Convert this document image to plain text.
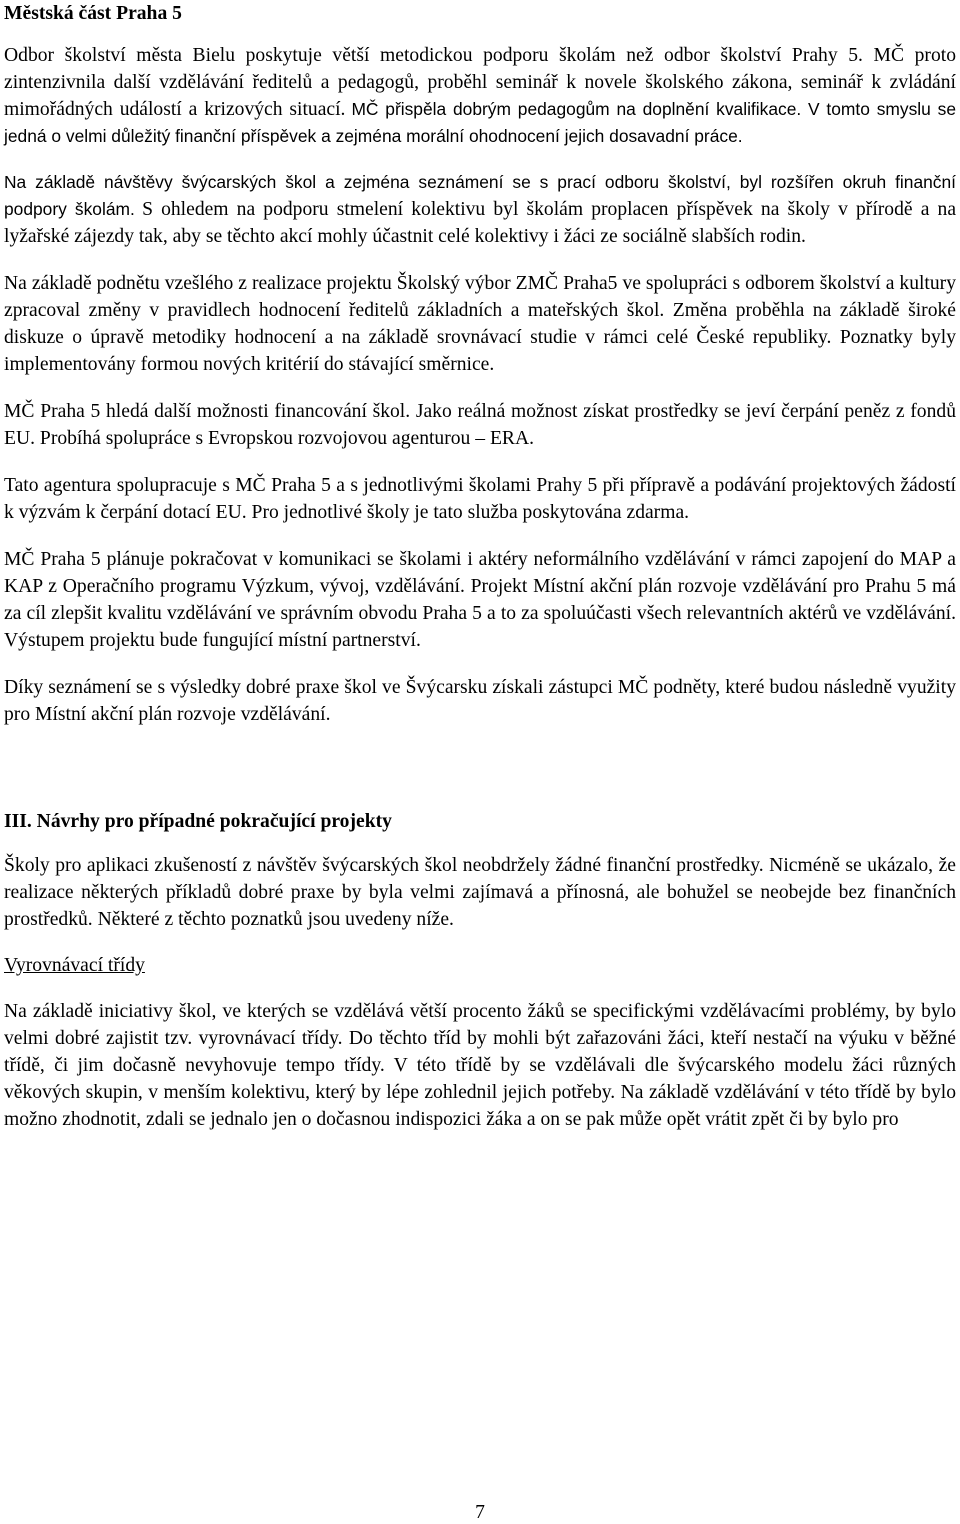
Městská část Praha 5

Odbor školství města Bielu poskytuje větší metodickou podporu školám než odbor školství Prahy 5. MČ proto zintenzivnila další vzdělávání ředitelů a pedagogů, proběhl seminář k novele školského zákona, seminář k zvládání mimořádných událostí a krizových situací. MČ přispěla dobrým pedagogům na doplnění kvalifikace. V tomto smyslu se jedná o velmi důležitý finanční příspěvek a zejména morální ohodnocení jejich dosavadní práce.

Na základě návštěvy švýcarských škol a zejména seznámení se s prací odboru školství, byl rozšířen okruh finanční podpory školám. S ohledem na podporu stmelení kolektivu byl školám proplacen příspěvek na školy v přírodě a na lyžařské zájezdy tak, aby se těchto akcí mohly účastnit celé kolektivy i žáci ze sociálně slabších rodin.

Na základě podnětu vzešlého z realizace projektu Školský výbor ZMČ Praha5 ve spolupráci s odborem školství a kultury zpracoval změny v pravidlech hodnocení ředitelů základních a mateřských škol. Změna proběhla na základě široké diskuze o úpravě metodiky hodnocení a na základě srovnávací studie v rámci celé České republiky. Poznatky byly implementovány formou nových kritérií do stávající směrnice.

MČ Praha 5 hledá další možnosti financování škol. Jako reálná možnost získat prostředky se jeví čerpání peněz z fondů EU. Probíhá spolupráce s Evropskou rozvojovou agenturou – ERA.

Tato agentura spolupracuje s MČ Praha 5 a s jednotlivými školami Prahy 5 při přípravě a podávání projektových žádostí k výzvám k čerpání dotací EU. Pro jednotlivé školy je tato služba poskytována zdarma.

MČ Praha 5 plánuje pokračovat v komunikaci se školami i aktéry neformálního vzdělávání v rámci zapojení do MAP a KAP z Operačního programu Výzkum, vývoj, vzdělávání. Projekt Místní akční plán rozvoje vzdělávání pro Prahu 5 má za cíl zlepšit kvalitu vzdělávání ve správním obvodu Praha 5 a to za spoluúčasti všech relevantních aktérů ve vzdělávání. Výstupem projektu bude fungující místní partnerství.

Díky seznámení se s výsledky dobré praxe škol ve Švýcarsku získali zástupci MČ podněty, které budou následně využity pro Místní akční plán rozvoje vzdělávání.

III. Návrhy pro případné pokračující projekty

Školy pro aplikaci zkušeností z návštěv švýcarských škol neobdržely žádné finanční prostředky. Nicméně se ukázalo, že realizace některých příkladů dobré praxe by byla velmi zajímavá a přínosná, ale bohužel se neobejde bez finančních prostředků. Některé z těchto poznatků jsou uvedeny níže.

Vyrovnávací třídy

Na základě iniciativy škol, ve kterých se vzdělává větší procento žáků se specifickými vzdělávacími problémy, by bylo velmi dobré zajistit tzv. vyrovnávací třídy. Do těchto tříd by mohli být zařazováni žáci, kteří nestačí na výuku v běžné třídě, či jim dočasně nevyhovuje tempo třídy. V této třídě by se vzdělávali dle švýcarského modelu žáci různých věkových skupin, v menším kolektivu, který by lépe zohlednil jejich potřeby. Na základě vzdělávání v této třídě by bylo možno zhodnotit, zdali se jednalo jen o dočasnou indispozici žáka a on se pak může opět vrátit zpět či by bylo pro

7
